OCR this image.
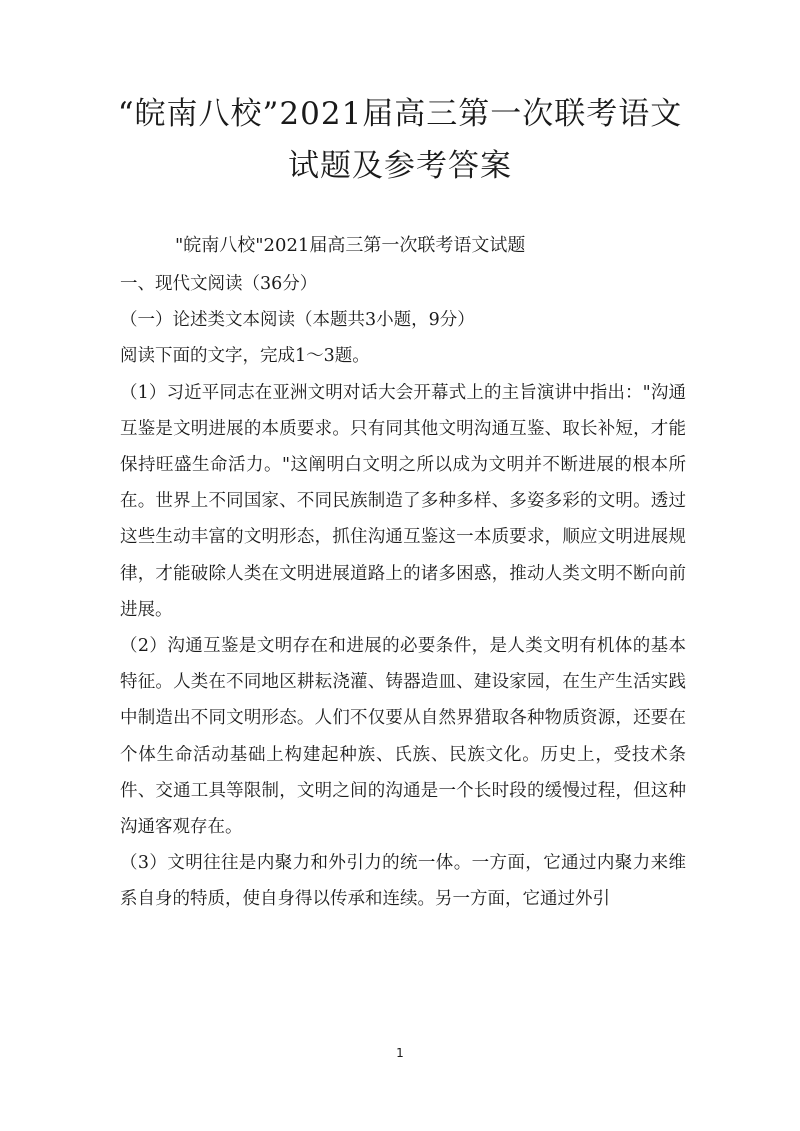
“皖南八校”2021届高三第一次联考语文试题及参考答案

"皖南八校"2021届高三第一次联考语文试题

一、现代文阅读（36分）

（一）论述类文本阅读（本题共3小题，9分）

阅读下面的文字，完成1～3题。

（1）习近平同志在亚洲文明对话大会开幕式上的主旨演讲中指出："沟通互鉴是文明进展的本质要求。只有同其他文明沟通互鉴、取长补短，才能保持旺盛生命活力。"这阐明白文明之所以成为文明并不断进展的根本所在。世界上不同国家、不同民族制造了多种多样、多姿多彩的文明。透过这些生动丰富的文明形态，抓住沟通互鉴这一本质要求，顺应文明进展规律，才能破除人类在文明进展道路上的诸多困惑，推动人类文明不断向前进展。

（2）沟通互鉴是文明存在和进展的必要条件，是人类文明有机体的基本特征。人类在不同地区耕耘浇灌、铸器造皿、建设家园，在生产生活实践中制造出不同文明形态。人们不仅要从自然界猎取各种物质资源，还要在个体生命活动基础上构建起种族、氏族、民族文化。历史上，受技术条件、交通工具等限制，文明之间的沟通是一个长时段的缓慢过程，但这种沟通客观存在。

（3）文明往往是内聚力和外引力的统一体。一方面，它通过内聚力来维系自身的特质，使自身得以传承和连续。另一方面，它通过外引

1
